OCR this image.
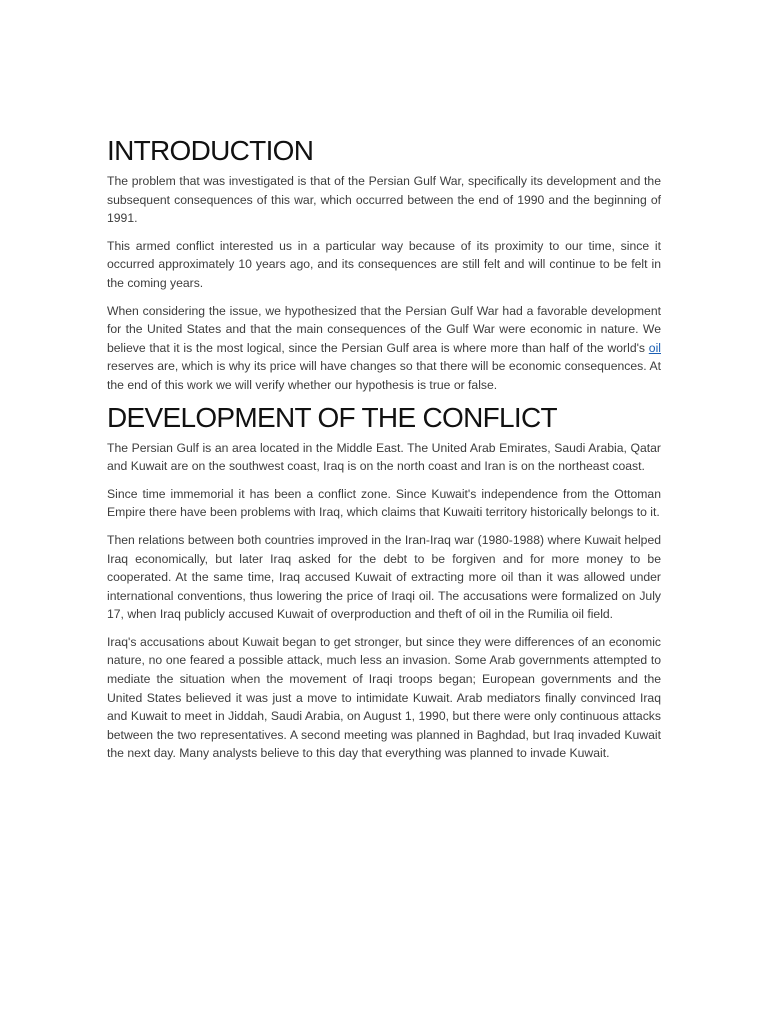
INTRODUCTION

The problem that was investigated is that of the Persian Gulf War, specifically its development and the subsequent consequences of this war, which occurred between the end of 1990 and the beginning of 1991.

This armed conflict interested us in a particular way because of its proximity to our time, since it occurred approximately 10 years ago, and its consequences are still felt and will continue to be felt in the coming years.

When considering the issue, we hypothesized that the Persian Gulf War had a favorable development for the United States and that the main consequences of the Gulf War were economic in nature. We believe that it is the most logical, since the Persian Gulf area is where more than half of the world's oil reserves are, which is why its price will have changes so that there will be economic consequences. At the end of this work we will verify whether our hypothesis is true or false.

DEVELOPMENT OF THE CONFLICT

The Persian Gulf is an area located in the Middle East. The United Arab Emirates, Saudi Arabia, Qatar and Kuwait are on the southwest coast, Iraq is on the north coast and Iran is on the northeast coast.

Since time immemorial it has been a conflict zone. Since Kuwait's independence from the Ottoman Empire there have been problems with Iraq, which claims that Kuwaiti territory historically belongs to it.

Then relations between both countries improved in the Iran-Iraq war (1980-1988) where Kuwait helped Iraq economically, but later Iraq asked for the debt to be forgiven and for more money to be cooperated. At the same time, Iraq accused Kuwait of extracting more oil than it was allowed under international conventions, thus lowering the price of Iraqi oil. The accusations were formalized on July 17, when Iraq publicly accused Kuwait of overproduction and theft of oil in the Rumilia oil field.

Iraq's accusations about Kuwait began to get stronger, but since they were differences of an economic nature, no one feared a possible attack, much less an invasion. Some Arab governments attempted to mediate the situation when the movement of Iraqi troops began; European governments and the United States believed it was just a move to intimidate Kuwait. Arab mediators finally convinced Iraq and Kuwait to meet in Jiddah, Saudi Arabia, on August 1, 1990, but there were only continuous attacks between the two representatives. A second meeting was planned in Baghdad, but Iraq invaded Kuwait the next day. Many analysts believe to this day that everything was planned to invade Kuwait.
